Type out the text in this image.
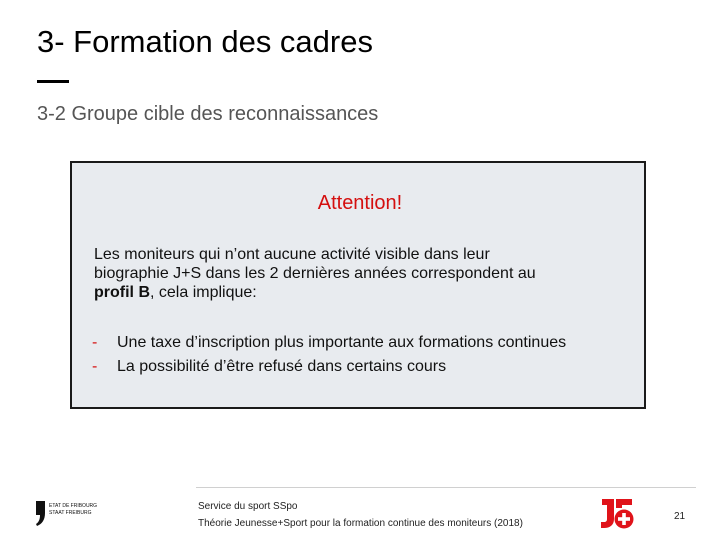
3- Formation des cadres
3-2 Groupe cible des reconnaissances
Attention!
Les moniteurs qui n’ont aucune activité visible dans leur
biographie J+S dans les 2 dernières années correspondent au
profil B, cela implique:
- Une taxe d’inscription plus importante aux formations continues
- La possibilité d’être refusé dans certains cours
ETAT DE FRIBOURG
STAAT FREIBURG
Service du sport SSpo
Théorie Jeunesse+Sport pour la formation continue des moniteurs (2018)
21
